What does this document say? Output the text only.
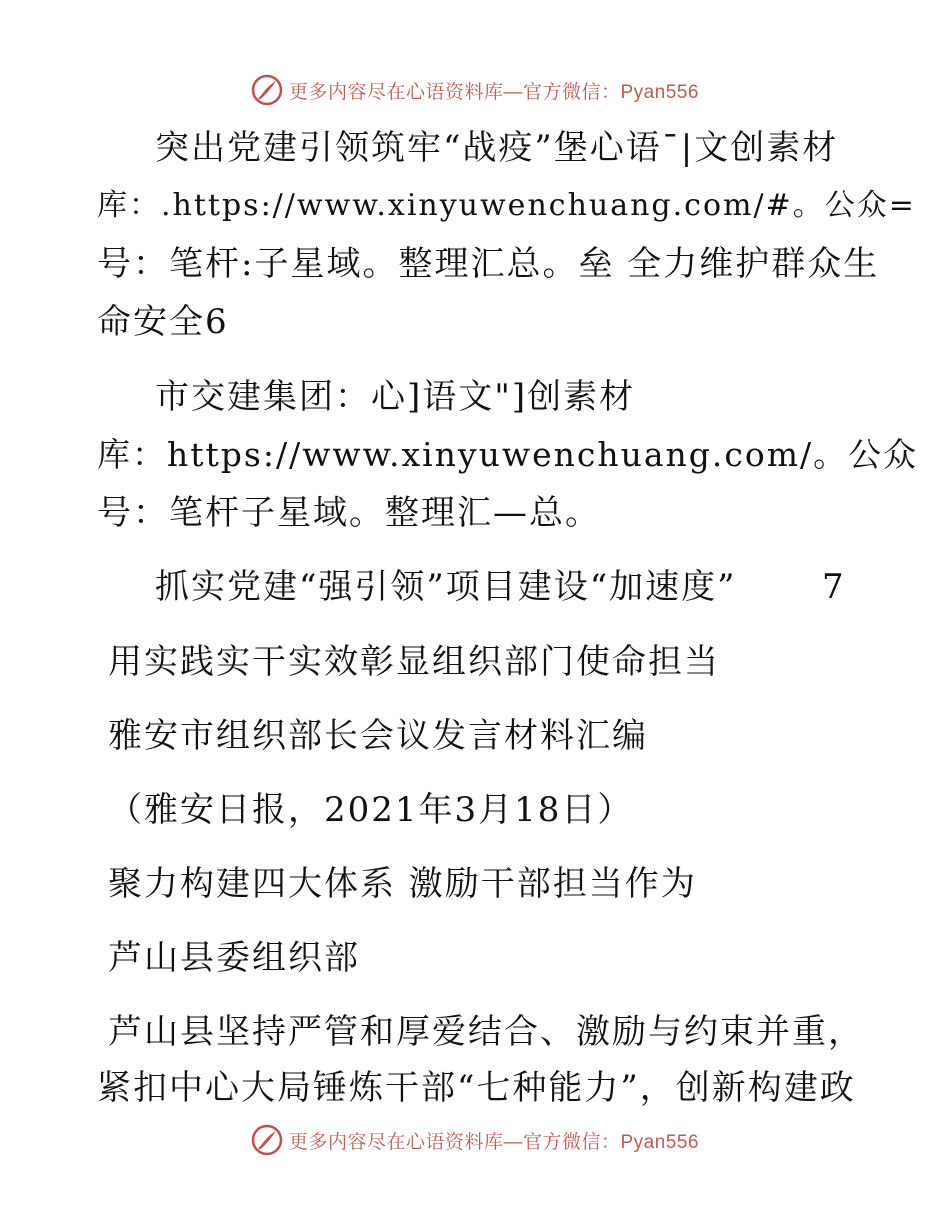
更多内容尽在心语资料库—官方微信：Pyan556
突出党建引领筑牢“战疫”堡心语¯|文创素材
库：.https://www.xinyuwenchuang.com/#。公众=
号：笔杆:子星域。整理汇总。垒 全力维护群众生
命安全6
市交建集团：心]语文"]创素材
库：https://www.xinyuwenchuang.com/。公众
号：笔杆子星域。整理汇—总。
抓实党建“强引领”项目建设“加速度”	7
用实践实干实效彰显组织部门使命担当
雅安市组织部长会议发言材料汇编
（雅安日报，2021年3月18日）
聚力构建四大体系 激励干部担当作为
芦山县委组织部
芦山县坚持严管和厚爱结合、激励与约束并重，
紧扣中心大局锤炼干部“七种能力”，创新构建政
更多内容尽在心语资料库—官方微信：Pyan556
